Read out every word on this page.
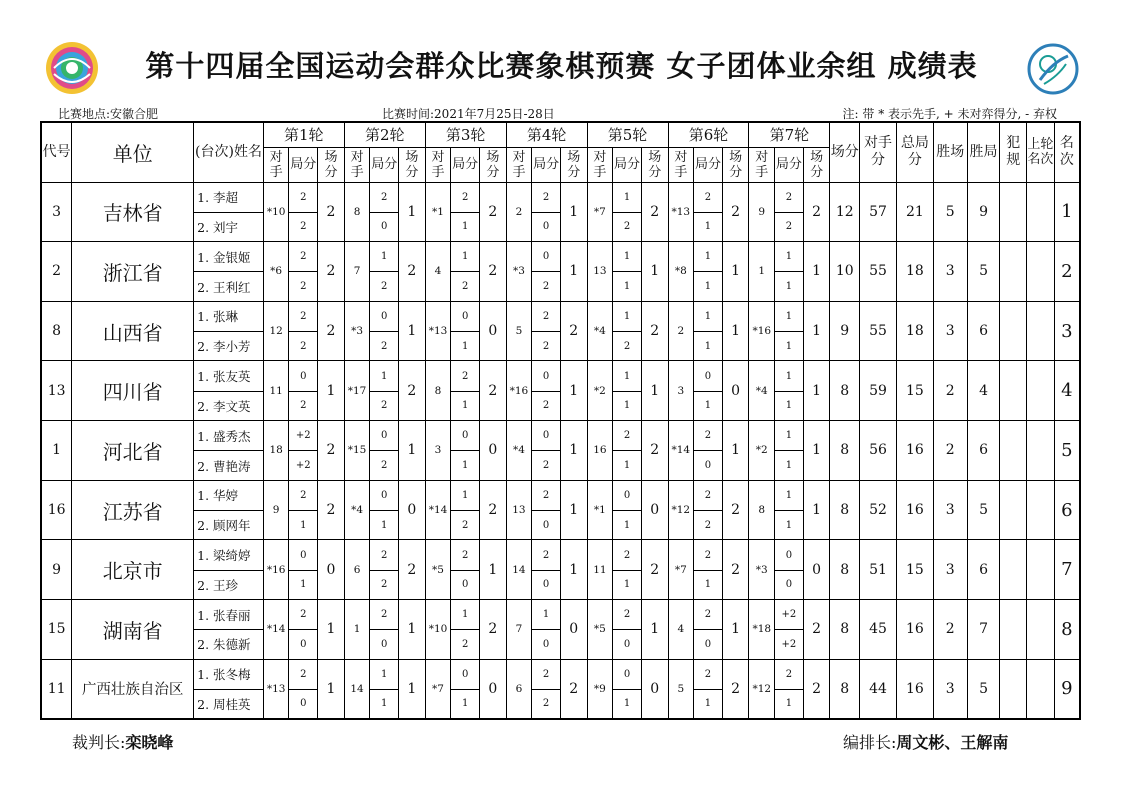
第十四届全国运动会群众比赛象棋预赛 女子团体业余组 成绩表
比赛地点:安徽合肥	比赛时间:2021年7月25日-28日	注: 带 * 表示先手, + 未对弈得分, - 弃权
代号	单位	(台次)姓名	第1轮			第2轮			第3轮			第4轮			第5轮			第6轮			第7轮			场分	对手分	总局分	胜场	胜局	犯规	上轮名次	名次
			对手	局分	场分	对手	局分	场分	对手	局分	场分	对手	局分	场分	对手	局分	场分	对手	局分	场分	对手	局分	场分								
3	吉林省	1. 李超	*10	2	2	8	2	1	*1	2	2	2	2	1	*7	1	2	*13	2	2	9	2	2	12	57	21	5	9			1
		2. 刘宇		2			0			1			0			2			1			2									
2	浙江省	1. 金银姬	*6	2	2	7	1	2	4	1	2	*3	0	1	13	1	1	*8	1	1	1	1	1	10	55	18	3	5			2
		2. 王利红		2			2			2			2			1			1			1									
8	山西省	1. 张琳	12	2	2	*3	0	1	*13	0	0	5	2	2	*4	1	2	2	1	1	*16	1	1	9	55	18	3	6			3
		2. 李小芳		2			2			1			2			2			1			1									
13	四川省	1. 张友英	11	0	1	*17	1	2	8	2	2	*16	0	1	*2	1	1	3	0	0	*4	1	1	8	59	15	2	4			4
		2. 李文英		2			2			1			2			1			1			1									
1	河北省	1. 盛秀杰	18	+2	2	*15	0	1	3	0	0	*4	0	1	16	2	2	*14	2	1	*2	1	1	8	56	16	2	6			5
		2. 曹艳涛		+2			2			1			2			1			0			1									
16	江苏省	1. 华婷	9	2	2	*4	0	0	*14	1	2	13	2	1	*1	0	0	*12	2	2	8	1	1	8	52	16	3	5			6
		2. 顾网年		1			1			2			0			1			2			1									
9	北京市	1. 梁绮婷	*16	0	0	6	2	2	*5	2	1	14	2	1	11	2	2	*7	2	2	*3	0	0	8	51	15	3	6			7
		2. 王珍		1			2			0			0			1			1			0									
15	湖南省	1. 张春丽	*14	2	1	1	2	1	*10	1	2	7	1	0	*5	2	1	4	2	1	*18	+2	2	8	45	16	2	7			8
		2. 朱德新		0			0			2			0			0			0			+2									
11	广西壮族自治区	1. 张冬梅	*13	2	1	14	1	1	*7	0	0	6	2	2	*9	0	0	5	2	2	*12	2	2	8	44	16	3	5			9
		2. 周桂英		0			1			1			2			1			1			1									
裁判长:栾晓峰	编排长:周文彬、王解南
